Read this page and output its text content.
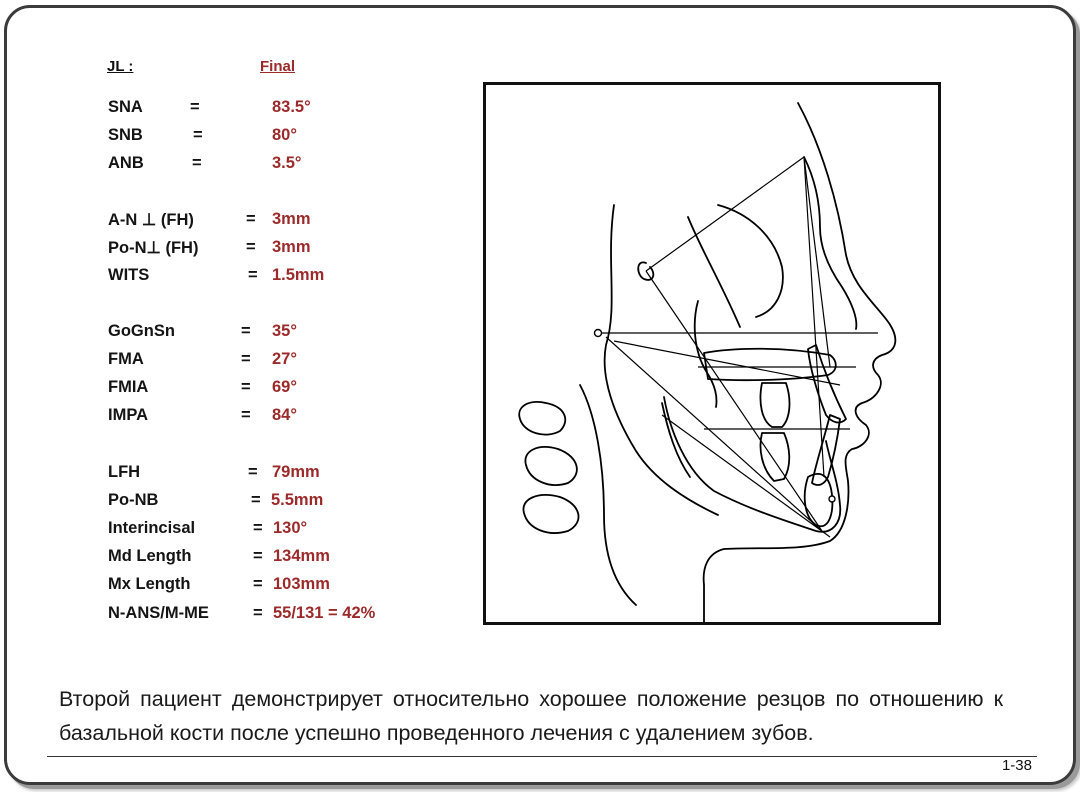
JL :	Final
SNA	=	83.5°
SNB	=	80°
ANB	=	3.5°
A-N ⊥ (FH)	= 3mm
Po-N⊥ (FH)	= 3mm
WITS	= 1.5mm
GoGnSn	= 35°
FMA	= 27°
FMIA	= 69°
IMPA	= 84°
LFH	= 79mm
Po-NB	= 5.5mm
Interincisal	= 130°
Md Length	= 134mm
Mx Length	= 103mm
N-ANS/M-ME	= 55/131 = 42%

Второй пациент демонстрирует относительно хорошее положение резцов по отношению к базальной кости после успешно проведенного лечения с удалением зубов.

1-38
